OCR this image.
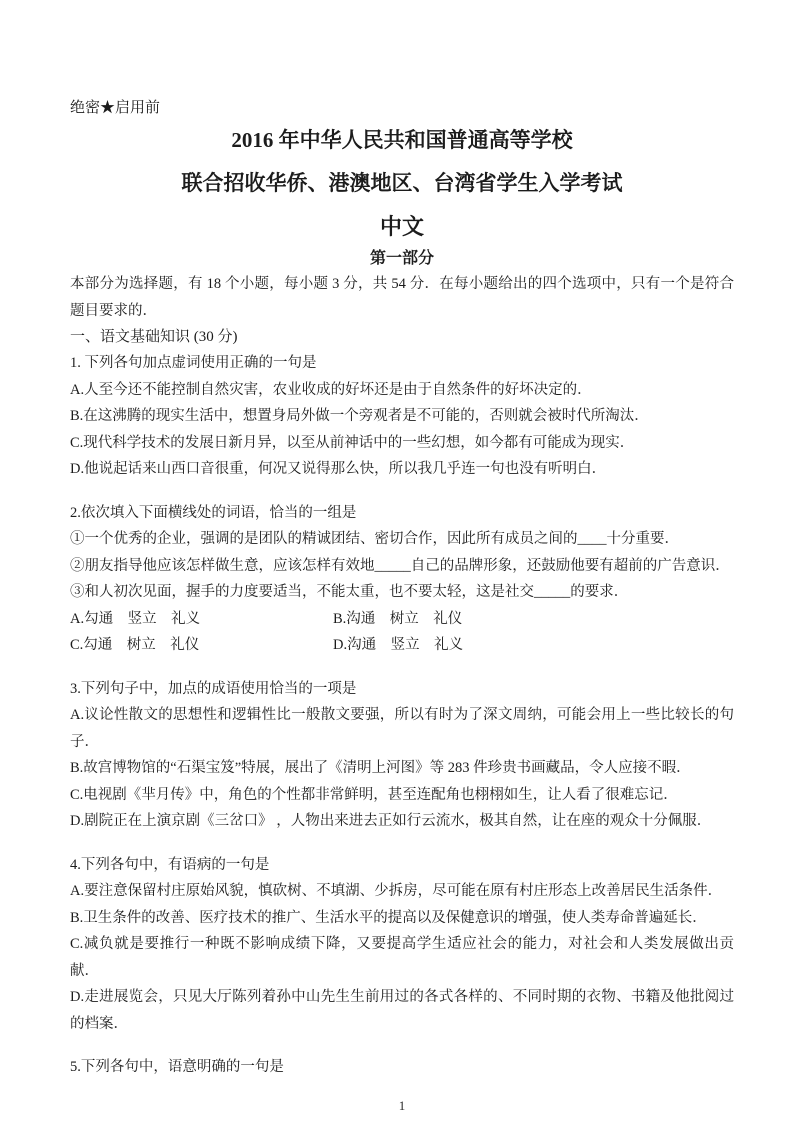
绝密★启用前
2016 年中华人民共和国普通高等学校
联合招收华侨、港澳地区、台湾省学生入学考试
中文
第一部分

本部分为选择题，有 18 个小题，每小题 3 分，共 54 分．在每小题给出的四个选项中，只有一个是符合题目要求的．

一、语文基础知识 (30 分)
1. 下列各句加点虚词使用正确的一句是
A.人至今还不能控制自然灾害，农业收成的好坏还是由于自然条件的好坏决定的．
B.在这沸腾的现实生活中，想置身局外做一个旁观者是不可能的，否则就会被时代所淘汰．
C.现代科学技术的发展日新月异，以至从前神话中的一些幻想，如今都有可能成为现实．
D.他说起话来山西口音很重，何况又说得那么快，所以我几乎连一句也没有听明白．
2.依次填入下面横线处的词语，恰当的一组是
①一个优秀的企业，强调的是团队的精诚团结、密切合作，因此所有成员之间的____十分重要．
②朋友指导他应该怎样做生意，应该怎样有效地_____自己的品牌形象，还鼓励他要有超前的广告意识．
③和人初次见面，握手的力度要适当，不能太重，也不要太轻，这是社交_____的要求．
A.勾通　竖立　礼义	B.沟通　树立　礼仪
C.勾通　树立　礼仪	D.沟通　竖立　礼义
3.下列句子中，加点的成语使用恰当的一项是
A.议论性散文的思想性和逻辑性比一般散文要强，所以有时为了深文周纳，可能会用上一些比较长的句子．
B.故宫博物馆的“石渠宝笈”特展，展出了《清明上河图》等 283 件珍贵书画藏品，令人应接不暇．
C.电视剧《芈月传》中，角色的个性都非常鲜明，甚至连配角也栩栩如生，让人看了很难忘记．
D.剧院正在上演京剧《三岔口》 ，人物出来进去正如行云流水，极其自然，让在座的观众十分佩服．
4.下列各句中，有语病的一句是
A.要注意保留村庄原始风貌，慎砍树、不填湖、少拆房，尽可能在原有村庄形态上改善居民生活条件．
B.卫生条件的改善、医疗技术的推广、生活水平的提高以及保健意识的增强，使人类寿命普遍延长．
C.减负就是要推行一种既不影响成绩下降，又要提高学生适应社会的能力，对社会和人类发展做出贡献．
D.走进展览会，只见大厅陈列着孙中山先生生前用过的各式各样的、不同时期的衣物、书籍及他批阅过的档案．
5.下列各句中，语意明确的一句是
1
